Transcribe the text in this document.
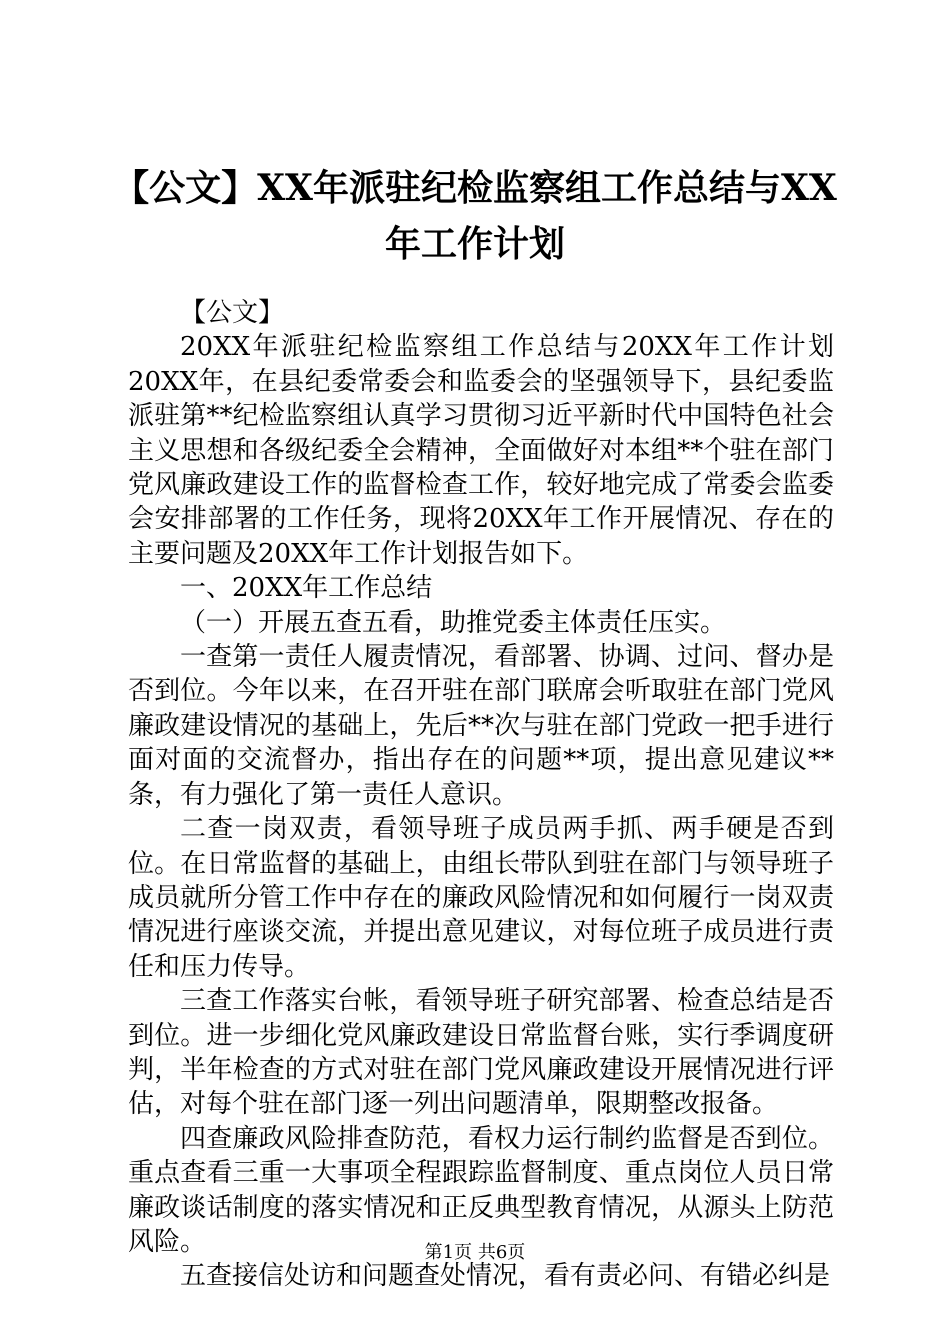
【公文】XX年派驻纪检监察组工作总结与XX年工作计划

【公文】

20XX年派驻纪检监察组工作总结与20XX年工作计划20XX年，在县纪委常委会和监委会的坚强领导下，县纪委监派驻第**纪检监察组认真学习贯彻习近平新时代中国特色社会主义思想和各级纪委全会精神，全面做好对本组**个驻在部门党风廉政建设工作的监督检查工作，较好地完成了常委会监委会安排部署的工作任务，现将20XX年工作开展情况、存在的主要问题及20XX年工作计划报告如下。

一、20XX年工作总结

（一）开展五查五看，助推党委主体责任压实。

一查第一责任人履责情况，看部署、协调、过问、督办是否到位。今年以来，在召开驻在部门联席会听取驻在部门党风廉政建设情况的基础上，先后**次与驻在部门党政一把手进行面对面的交流督办，指出存在的问题**项，提出意见建议**条，有力强化了第一责任人意识。

二查一岗双责，看领导班子成员两手抓、两手硬是否到位。在日常监督的基础上，由组长带队到驻在部门与领导班子成员就所分管工作中存在的廉政风险情况和如何履行一岗双责情况进行座谈交流，并提出意见建议，对每位班子成员进行责任和压力传导。

三查工作落实台帐，看领导班子研究部署、检查总结是否到位。进一步细化党风廉政建设日常监督台账，实行季调度研判，半年检查的方式对驻在部门党风廉政建设开展情况进行评估，对每个驻在部门逐一列出问题清单，限期整改报备。

四查廉政风险排查防范，看权力运行制约监督是否到位。重点查看三重一大事项全程跟踪监督制度、重点岗位人员日常廉政谈话制度的落实情况和正反典型教育情况，从源头上防范风险。

五查接信处访和问题查处情况，看有责必问、有错必纠是

第1页 共6页
